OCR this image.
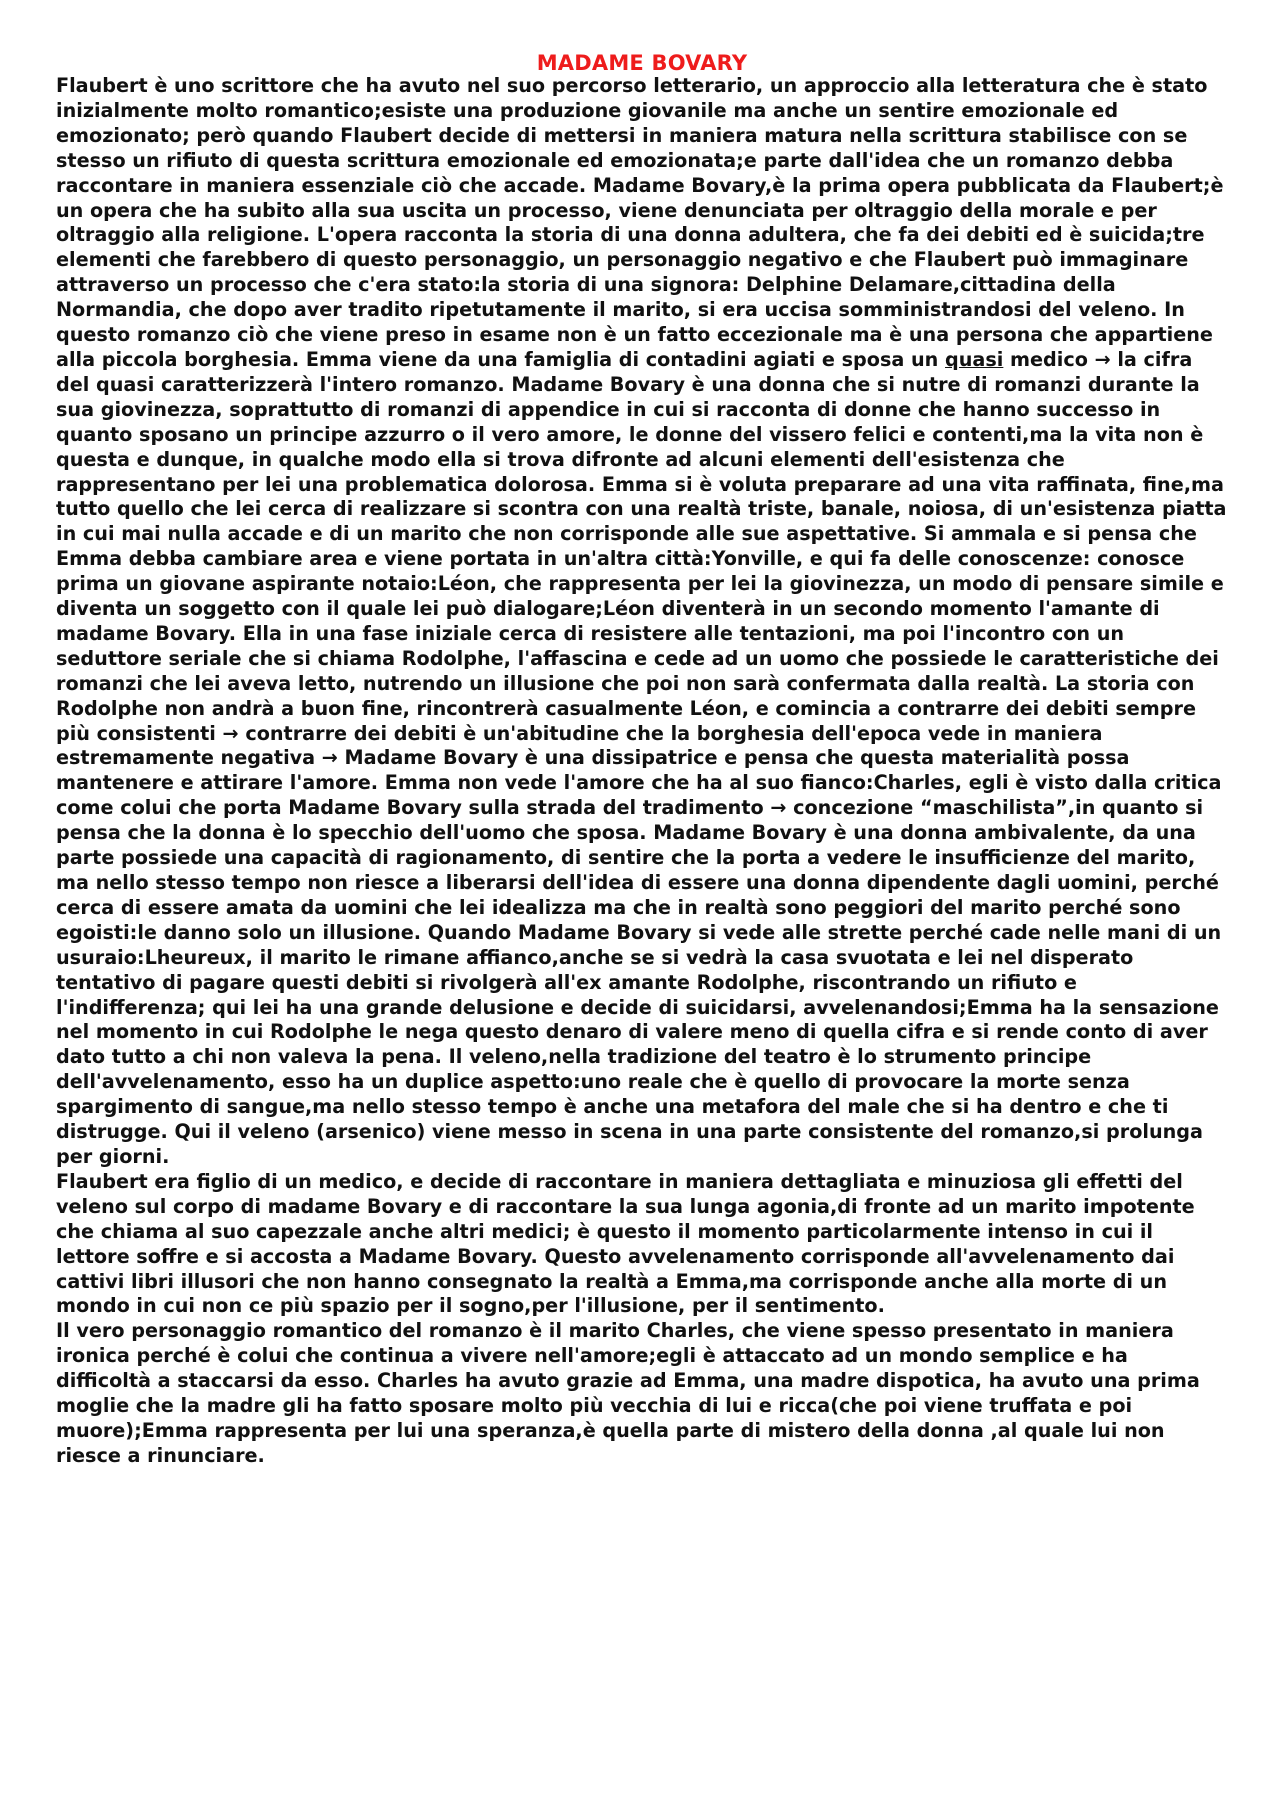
MADAME BOVARY

Flaubert è uno scrittore che ha avuto nel suo percorso letterario, un approccio alla letteratura che è stato inizialmente molto romantico;esiste una produzione giovanile ma anche un sentire emozionale ed emozionato; però quando Flaubert decide di mettersi in maniera matura nella scrittura stabilisce con se stesso un rifiuto di questa scrittura emozionale ed emozionata;e parte dall'idea che un romanzo debba raccontare in maniera essenziale ciò che accade. Madame Bovary,è la prima opera pubblicata da Flaubert;è un opera che ha subito alla sua uscita un processo, viene denunciata per oltraggio della morale e per oltraggio alla religione. L'opera racconta la storia di una donna adultera, che fa dei debiti ed è suicida;tre elementi che farebbero di questo personaggio, un personaggio negativo e che Flaubert può immaginare attraverso un processo che c'era stato:la storia di una signora: Delphine Delamare,cittadina della Normandia, che dopo aver tradito ripetutamente il marito, si era uccisa somministrandosi del veleno. In questo romanzo ciò che viene preso in esame non è un fatto eccezionale ma è una persona che appartiene alla piccola borghesia. Emma viene da una famiglia di contadini agiati e sposa un quasi medico → la cifra del quasi caratterizzerà l'intero romanzo. Madame Bovary è una donna che si nutre di romanzi durante la sua giovinezza, soprattutto di romanzi di appendice in cui si racconta di donne che hanno successo in quanto sposano un principe azzurro o il vero amore, le donne del vissero felici e contenti,ma la vita non è questa e dunque, in qualche modo ella si trova difronte ad alcuni elementi dell'esistenza che rappresentano per lei una problematica dolorosa. Emma si è voluta preparare ad una vita raffinata, fine,ma tutto quello che lei cerca di realizzare si scontra con una realtà triste, banale, noiosa, di un'esistenza piatta in cui mai nulla accade e di un marito che non corrisponde alle sue aspettative. Si ammala e si pensa che Emma debba cambiare area e viene portata in un'altra città:Yonville, e qui fa delle conoscenze: conosce prima un giovane aspirante notaio:Léon, che rappresenta per lei la giovinezza, un modo di pensare simile e diventa un soggetto con il quale lei può dialogare;Léon diventerà in un secondo momento l'amante di madame Bovary. Ella in una fase iniziale cerca di resistere alle tentazioni, ma poi l'incontro con un seduttore seriale che si chiama Rodolphe, l'affascina e cede ad un uomo che possiede le caratteristiche dei romanzi che lei aveva letto, nutrendo un illusione che poi non sarà confermata dalla realtà. La storia con Rodolphe non andrà a buon fine, rincontrerà casualmente Léon, e comincia a contrarre dei debiti sempre più consistenti → contrarre dei debiti è un'abitudine che la borghesia dell'epoca vede in maniera estremamente negativa → Madame Bovary è una dissipatrice e pensa che questa materialità possa mantenere e attirare l'amore. Emma non vede l'amore che ha al suo fianco:Charles, egli è visto dalla critica come colui che porta Madame Bovary sulla strada del tradimento → concezione “maschilista”,in quanto si pensa che la donna è lo specchio dell'uomo che sposa. Madame Bovary è una donna ambivalente, da una parte possiede una capacità di ragionamento, di sentire che la porta a vedere le insufficienze del marito, ma nello stesso tempo non riesce a liberarsi dell'idea di essere una donna dipendente dagli uomini, perché cerca di essere amata da uomini che lei idealizza ma che in realtà sono peggiori del marito perché sono egoisti:le danno solo un illusione. Quando Madame Bovary si vede alle strette perché cade nelle mani di un usuraio:Lheureux, il marito le rimane affianco,anche se si vedrà la casa svuotata e lei nel disperato tentativo di pagare questi debiti si rivolgerà all'ex amante Rodolphe, riscontrando un rifiuto e l'indifferenza; qui lei ha una grande delusione e decide di suicidarsi, avvelenandosi;Emma ha la sensazione nel momento in cui Rodolphe le nega questo denaro di valere meno di quella cifra e si rende conto di aver dato tutto a chi non valeva la pena. Il veleno,nella tradizione del teatro è lo strumento principe dell'avvelenamento, esso ha un duplice aspetto:uno reale che è quello di provocare la morte senza spargimento di sangue,ma nello stesso tempo è anche una metafora del male che si ha dentro e che ti distrugge. Qui il veleno (arsenico) viene messo in scena in una parte consistente del romanzo,si prolunga per giorni.

Flaubert era figlio di un medico, e decide di raccontare in maniera dettagliata e minuziosa gli effetti del veleno sul corpo di madame Bovary e di raccontare la sua lunga agonia,di fronte ad un marito impotente che chiama al suo capezzale anche altri medici; è questo il momento particolarmente intenso in cui il lettore soffre e si accosta a Madame Bovary. Questo avvelenamento corrisponde all'avvelenamento dai cattivi libri illusori che non hanno consegnato la realtà a Emma,ma corrisponde anche alla morte di un mondo in cui non ce più spazio per il sogno,per l'illusione, per il sentimento.

Il vero personaggio romantico del romanzo è il marito Charles, che viene spesso presentato in maniera ironica perché è colui che continua a vivere nell'amore;egli è attaccato ad un mondo semplice e ha difficoltà a staccarsi da esso. Charles ha avuto grazie ad Emma, una madre dispotica, ha avuto una prima moglie che la madre gli ha fatto sposare molto più vecchia di lui e ricca(che poi viene truffata e poi muore);Emma rappresenta per lui una speranza,è quella parte di mistero della donna ,al quale lui non riesce a rinunciare.
